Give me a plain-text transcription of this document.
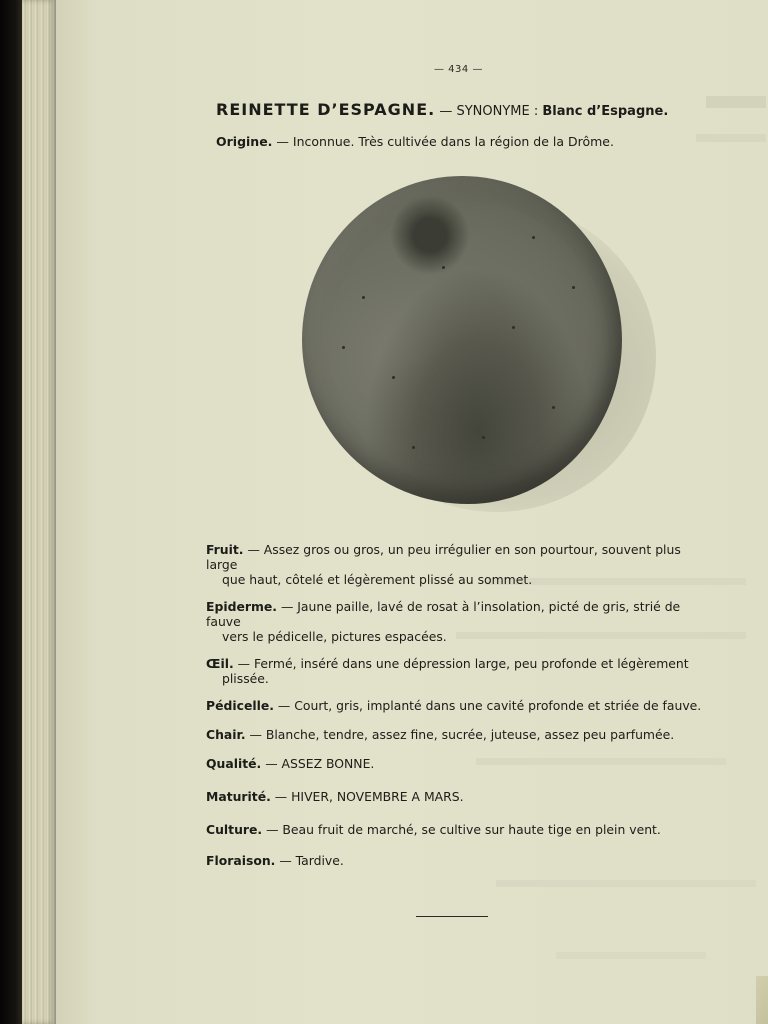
— 434 —
REINETTE D’ESPAGNE. — SYNONYME : Blanc d’Espagne.
Origine. — Inconnue. Très cultivée dans la région de la Drôme.
Fruit. — Assez gros ou gros, un peu irrégulier en son pourtour, souvent plus large
que haut, côtelé et légèrement plissé au sommet.
Epiderme. — Jaune paille, lavé de rosat à l’insolation, picté de gris, strié de fauve
vers le pédicelle, pictures espacées.
Œil. — Fermé, inséré dans une dépression large, peu profonde et légèrement
plissée.
Pédicelle. — Court, gris, implanté dans une cavité profonde et striée de fauve.
Chair. — Blanche, tendre, assez fine, sucrée, juteuse, assez peu parfumée.
Qualité. — ASSEZ BONNE.
Maturité. — HIVER, NOVEMBRE A MARS.
Culture. — Beau fruit de marché, se cultive sur haute tige en plein vent.
Floraison. — Tardive.
